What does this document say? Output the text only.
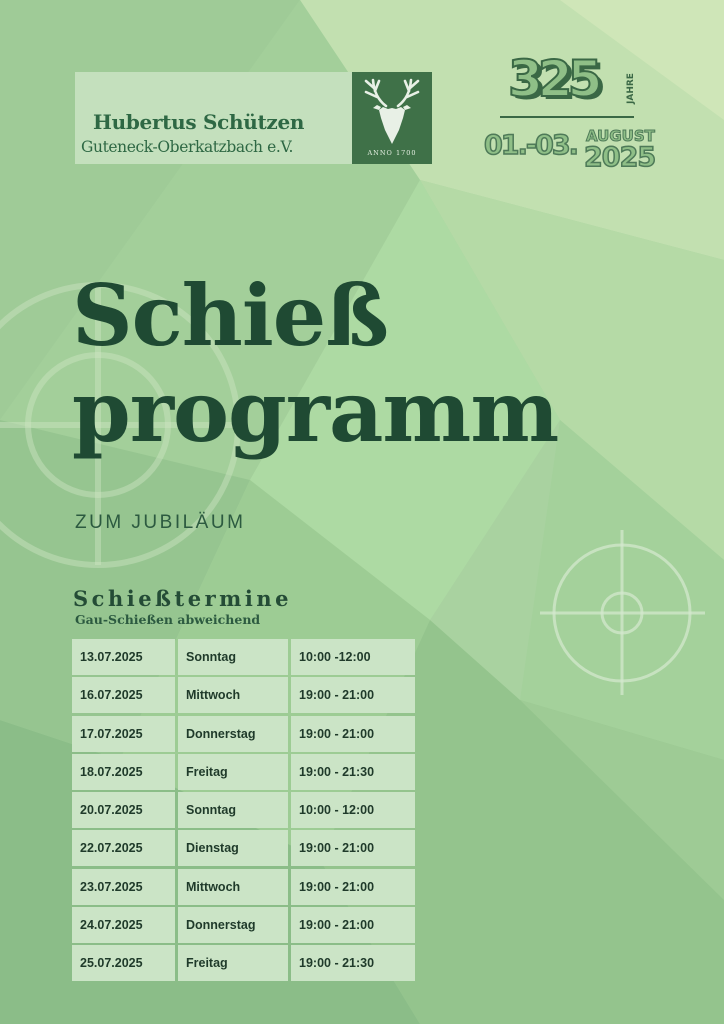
Hubertus Schützen
Guteneck-Oberkatzbach e.V.	ANNO 1700
325	JAHRE
01.-03. AUGUST
2025
Schieß
programm
ZUM JUBILÄUM
Schießtermine
Gau-Schießen abweichend
13.07.2025	Sonntag	10:00 -12:00
16.07.2025	Mittwoch	19:00 - 21:00
17.07.2025	Donnerstag	19:00 - 21:00
18.07.2025	Freitag	19:00 - 21:30
20.07.2025	Sonntag	10:00 - 12:00
22.07.2025	Dienstag	19:00 - 21:00
23.07.2025	Mittwoch	19:00 - 21:00
24.07.2025	Donnerstag	19:00 - 21:00
25.07.2025	Freitag	19:00 - 21:30
